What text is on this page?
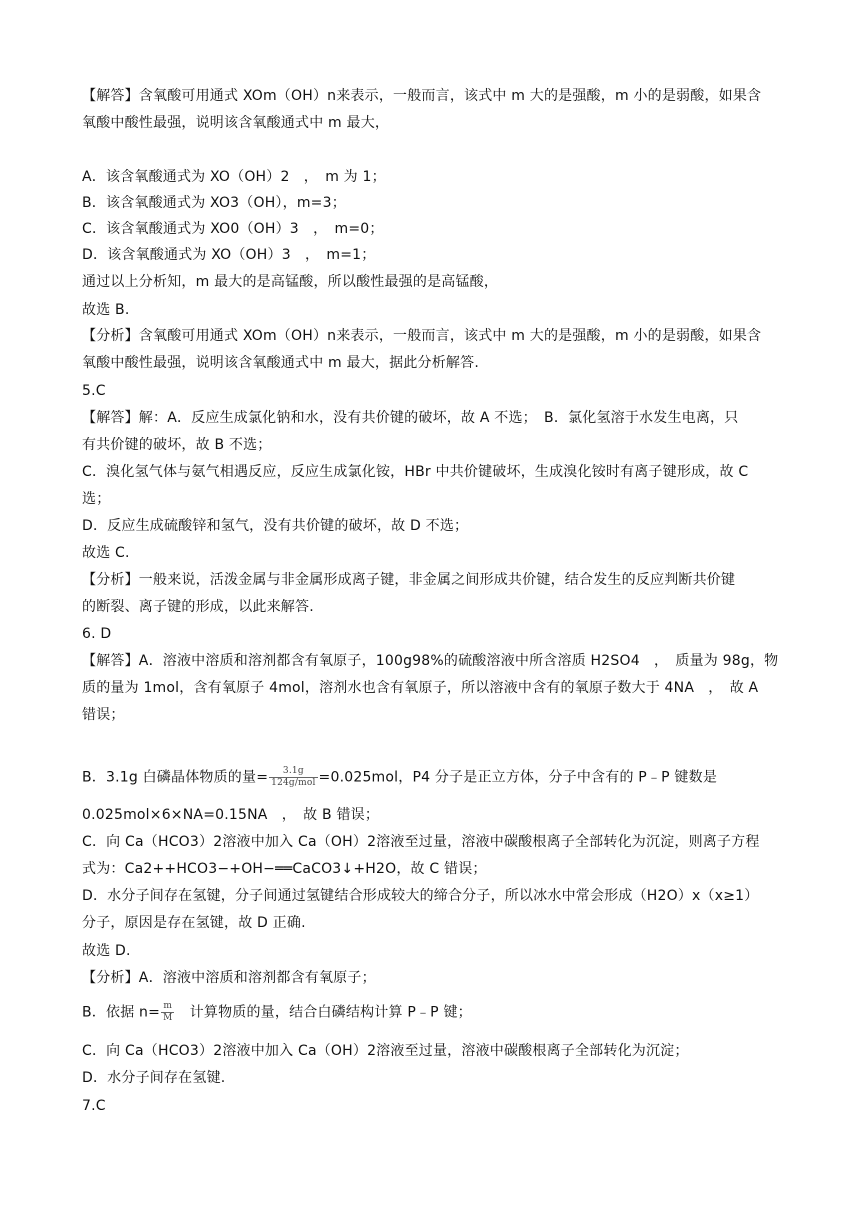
【解答】含氧酸可用通式 XOm（OH）n来表示，一般而言，该式中 m 大的是强酸，m 小的是弱酸，如果含
氧酸中酸性最强，说明该含氧酸通式中 m 最大，
A．该含氧酸通式为 XO（OH）2　，　m 为 1；
B．该含氧酸通式为 XO3（OH），m=3；
C．该含氧酸通式为 XO0（OH）3　，　m=0；
D．该含氧酸通式为 XO（OH）3　，　m=1；
通过以上分析知，m 最大的是高锰酸，所以酸性最强的是高锰酸，
故选 B.
【分析】含氧酸可用通式 XOm（OH）n来表示，一般而言，该式中 m 大的是强酸，m 小的是弱酸，如果含
氧酸中酸性最强，说明该含氧酸通式中 m 最大，据此分析解答.
5.C
【解答】解：A．反应生成氯化钠和水，没有共价键的破坏，故 A 不选；　B．氯化氢溶于水发生电离，只
有共价键的破坏，故 B 不选；
C．溴化氢气体与氨气相遇反应，反应生成氯化铵，HBr 中共价键破坏，生成溴化铵时有离子键形成，故 C
选；
D．反应生成硫酸锌和氢气，没有共价键的破坏，故 D 不选；
故选 C.
【分析】一般来说，活泼金属与非金属形成离子键，非金属之间形成共价键，结合发生的反应判断共价键
的断裂、离子键的形成，以此来解答.
6. D
【解答】A．溶液中溶质和溶剂都含有氧原子，100g98%的硫酸溶液中所含溶质 H2SO4　，　质量为 98g，物
质的量为 1mol，含有氧原子 4mol，溶剂水也含有氧原子，所以溶液中含有的氧原子数大于 4NA　，　故 A
错误；
B．3.1g 白磷晶体物质的量= $\frac{3.1g}{\text{124g/mol}} =0.025mol$，P4 分子是正立方体，分子中含有的 P﹣P 键数是
0.025mol×6×NA=0.15NA　，　故 B 错误；
C．向 Ca（HCO3）2溶液中加入 Ca（OH）2溶液至过量，溶液中碳酸根离子全部转化为沉淀，则离子方程
式为：Ca2++HCO3−+OH−══CaCO3↓+H2O，故 C 错误；
D．水分子间存在氢键，分子间通过氢键结合形成较大的缔合分子，所以冰水中常会形成（H2O）x（x≥1）
分子，原因是存在氢键，故 D 正确.
故选 D.
【分析】A．溶液中溶质和溶剂都含有氧原子；
B．依据 $n= \frac{m}{M}$ 　计算物质的量，结合白磷结构计算 P﹣P 键；
C．向 Ca（HCO3）2溶液中加入 Ca（OH）2溶液至过量，溶液中碳酸根离子全部转化为沉淀；
D．水分子间存在氢键.
7.C
